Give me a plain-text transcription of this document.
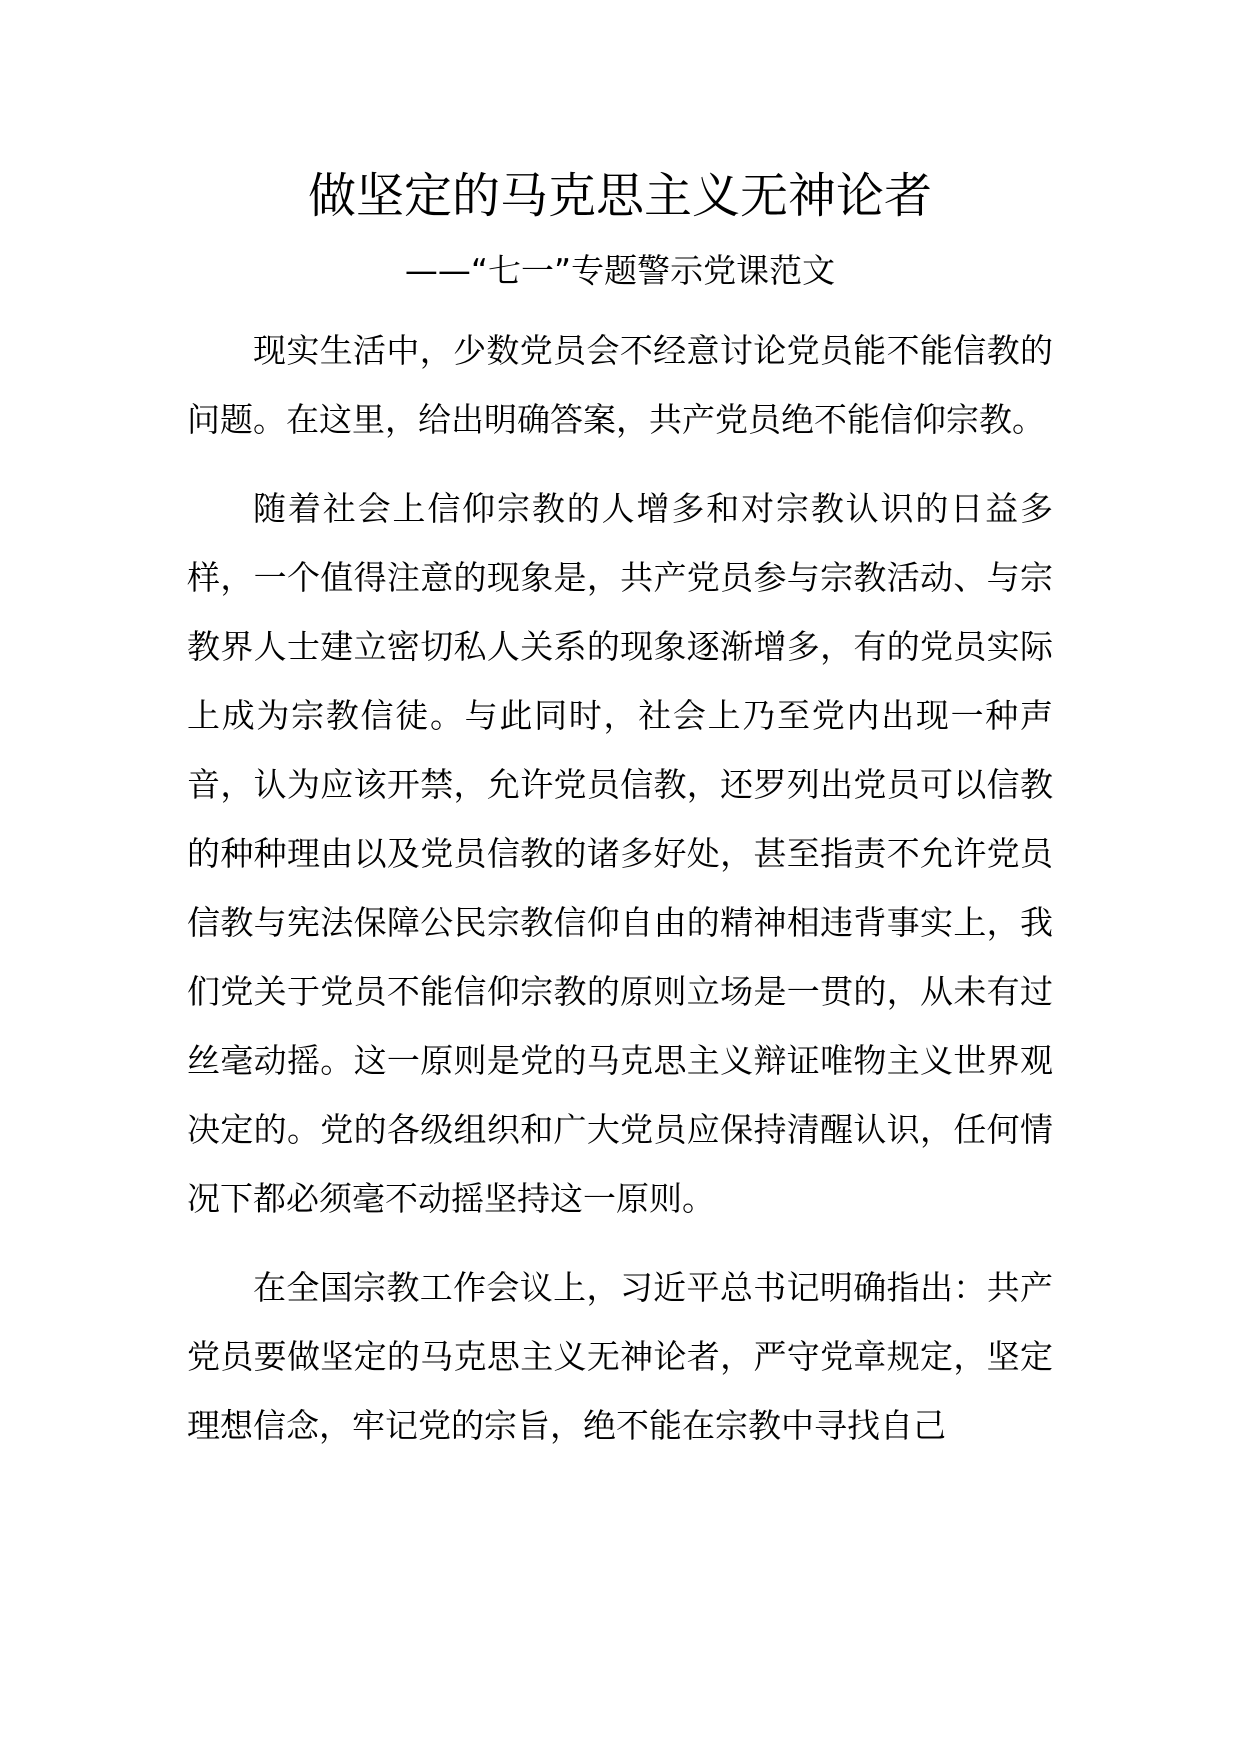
做坚定的马克思主义无神论者
——“七一”专题警示党课范文

现实生活中，少数党员会不经意讨论党员能不能信教的问题。在这里，给出明确答案，共产党员绝不能信仰宗教。

随着社会上信仰宗教的人增多和对宗教认识的日益多样，一个值得注意的现象是，共产党员参与宗教活动、与宗教界人士建立密切私人关系的现象逐渐增多，有的党员实际上成为宗教信徒。与此同时，社会上乃至党内出现一种声音，认为应该开禁，允许党员信教，还罗列出党员可以信教的种种理由以及党员信教的诸多好处，甚至指责不允许党员信教与宪法保障公民宗教信仰自由的精神相违背事实上，我们党关于党员不能信仰宗教的原则立场是一贯的，从未有过丝毫动摇。这一原则是党的马克思主义辩证唯物主义世界观决定的。党的各级组织和广大党员应保持清醒认识，任何情况下都必须毫不动摇坚持这一原则。

在全国宗教工作会议上，习近平总书记明确指出：共产党员要做坚定的马克思主义无神论者，严守党章规定，坚定理想信念，牢记党的宗旨，绝不能在宗教中寻找自己
